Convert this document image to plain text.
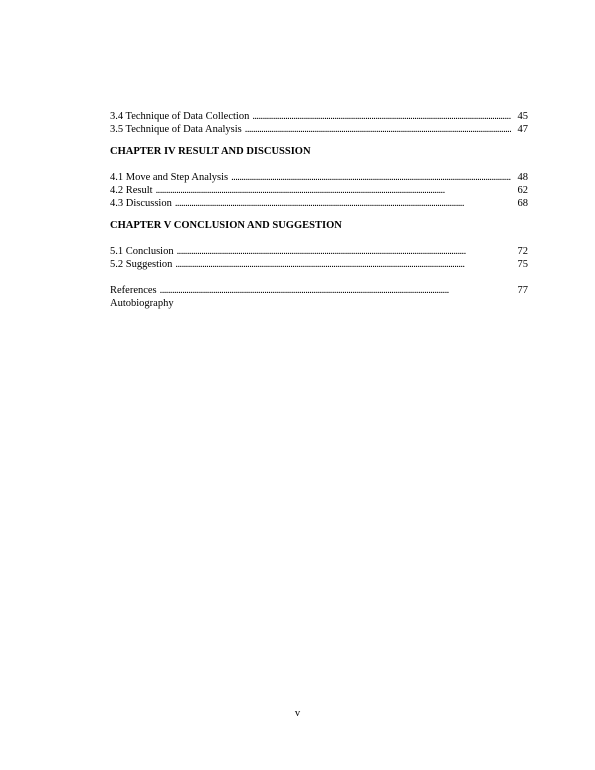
3.4 Technique of Data Collection . . .	45
3.5 Technique of Data Analysis . . .	47
CHAPTER IV RESULT AND DISCUSSION
4.1 Move and Step Analysis . . .	48
4.2 Result . . .	62
4.3 Discussion . . .	68
CHAPTER V CONCLUSION AND SUGGESTION
5.1 Conclusion . . .	72
5.2 Suggestion . . .	75
References . . .	77
Autobiography
v
